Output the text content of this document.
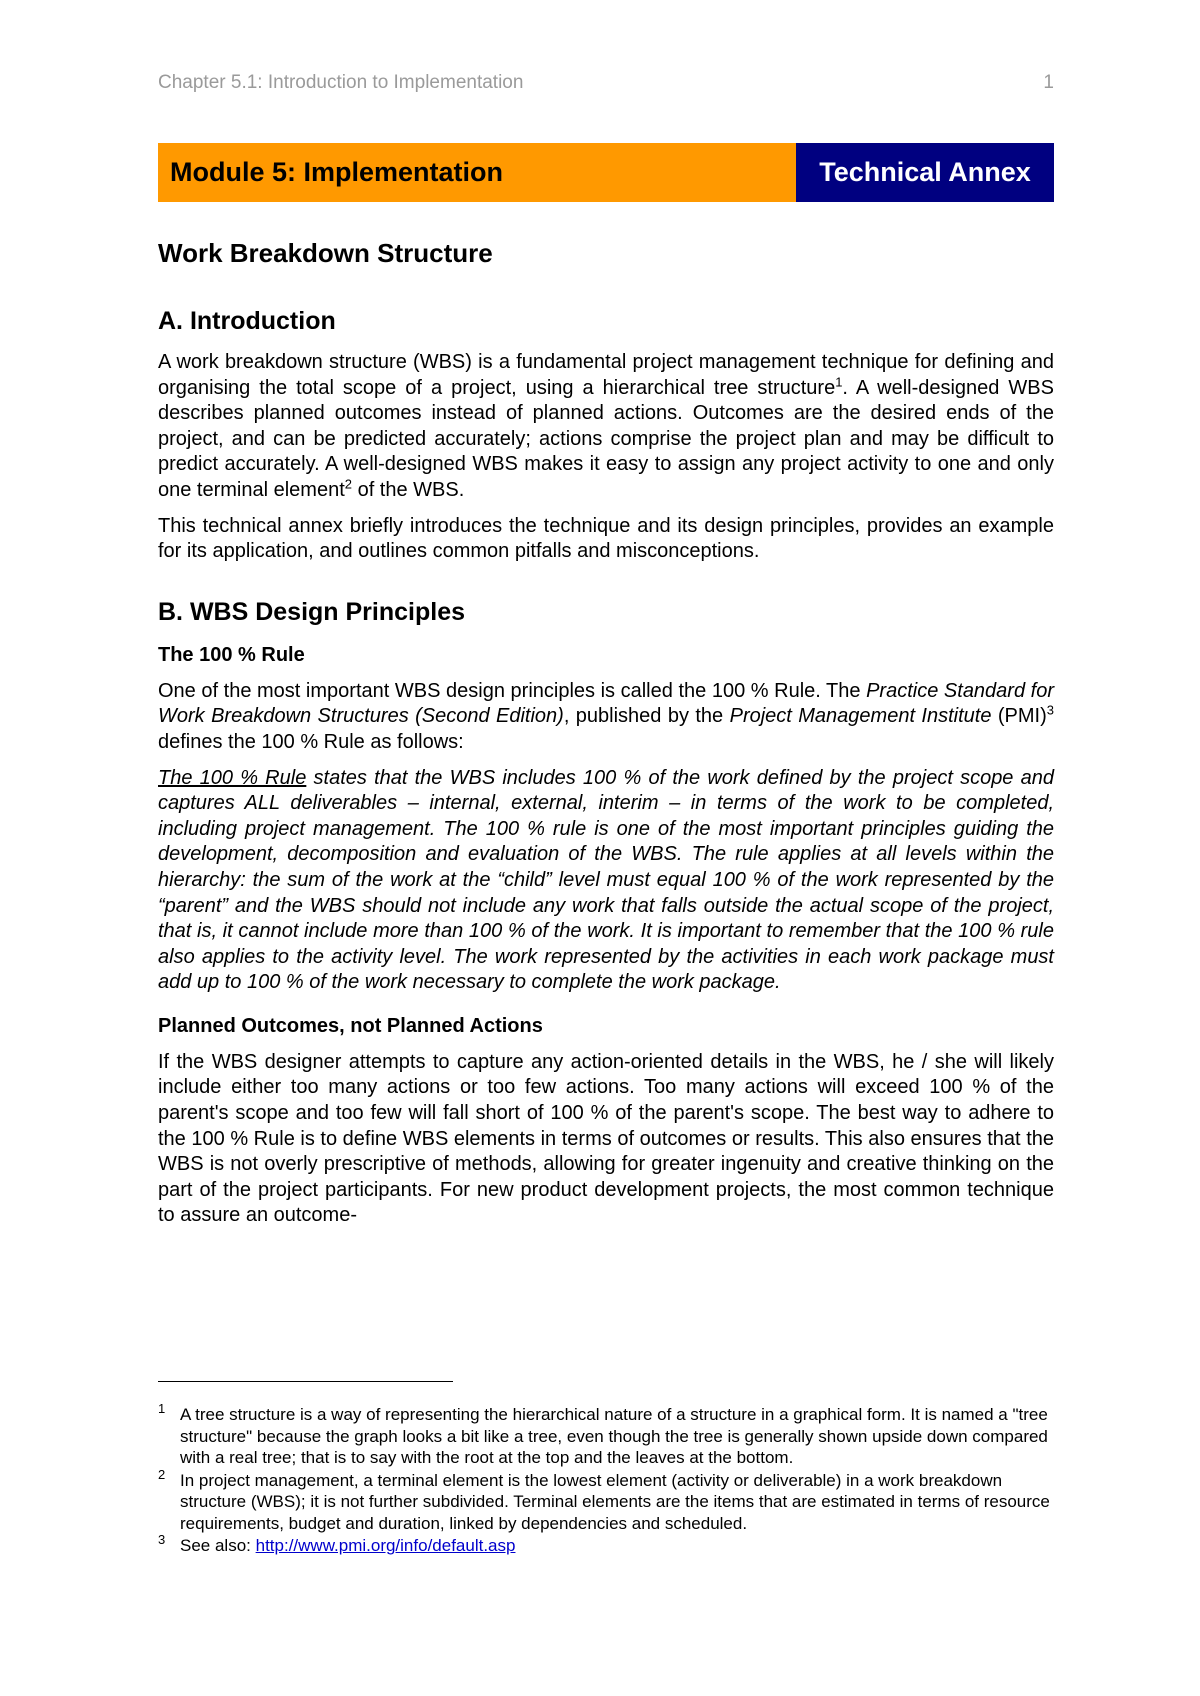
Chapter 5.1: Introduction to Implementation	1
Module 5: Implementation	Technical Annex
Work Breakdown Structure
A. Introduction

A work breakdown structure (WBS) is a fundamental project management technique for defining and organising the total scope of a project, using a hierarchical tree structure$^1$. A well-designed WBS describes planned outcomes instead of planned actions. Outcomes are the desired ends of the project, and can be predicted accurately; actions comprise the project plan and may be difficult to predict accurately. A well-designed WBS makes it easy to assign any project activity to one and only one terminal element$^2$ of the WBS.

This technical annex briefly introduces the technique and its design principles, provides an example for its application, and outlines common pitfalls and misconceptions.

B. WBS Design Principles
The 100 % Rule

One of the most important WBS design principles is called the 100 % Rule. The Practice Standard for Work Breakdown Structures (Second Edition), published by the Project Management Institute (PMI)$^3$ defines the 100 % Rule as follows:

The 100 % Rule states that the WBS includes 100 % of the work defined by the project scope and captures ALL deliverables – internal, external, interim – in terms of the work to be completed, including project management. The 100 % rule is one of the most important principles guiding the development, decomposition and evaluation of the WBS. The rule applies at all levels within the hierarchy: the sum of the work at the “child” level must equal 100 % of the work represented by the “parent” and the WBS should not include any work that falls outside the actual scope of the project, that is, it cannot include more than 100 % of the work. It is important to remember that the 100 % rule also applies to the activity level. The work represented by the activities in each work package must add up to 100 % of the work necessary to complete the work package.

Planned Outcomes, not Planned Actions

If the WBS designer attempts to capture any action-oriented details in the WBS, he / she will likely include either too many actions or too few actions. Too many actions will exceed 100 % of the parent's scope and too few will fall short of 100 % of the parent's scope. The best way to adhere to the 100 % Rule is to define WBS elements in terms of outcomes or results. This also ensures that the WBS is not overly prescriptive of methods, allowing for greater ingenuity and creative thinking on the part of the project participants. For new product development projects, the most common technique to assure an outcome-

1 A tree structure is a way of representing the hierarchical nature of a structure in a graphical form. It is named a "tree structure" because the graph looks a bit like a tree, even though the tree is generally shown upside down compared with a real tree; that is to say with the root at the top and the leaves at the bottom.
2 In project management, a terminal element is the lowest element (activity or deliverable) in a work breakdown structure (WBS); it is not further subdivided. Terminal elements are the items that are estimated in terms of resource requirements, budget and duration, linked by dependencies and scheduled.
3 See also: http://www.pmi.org/info/default.asp
